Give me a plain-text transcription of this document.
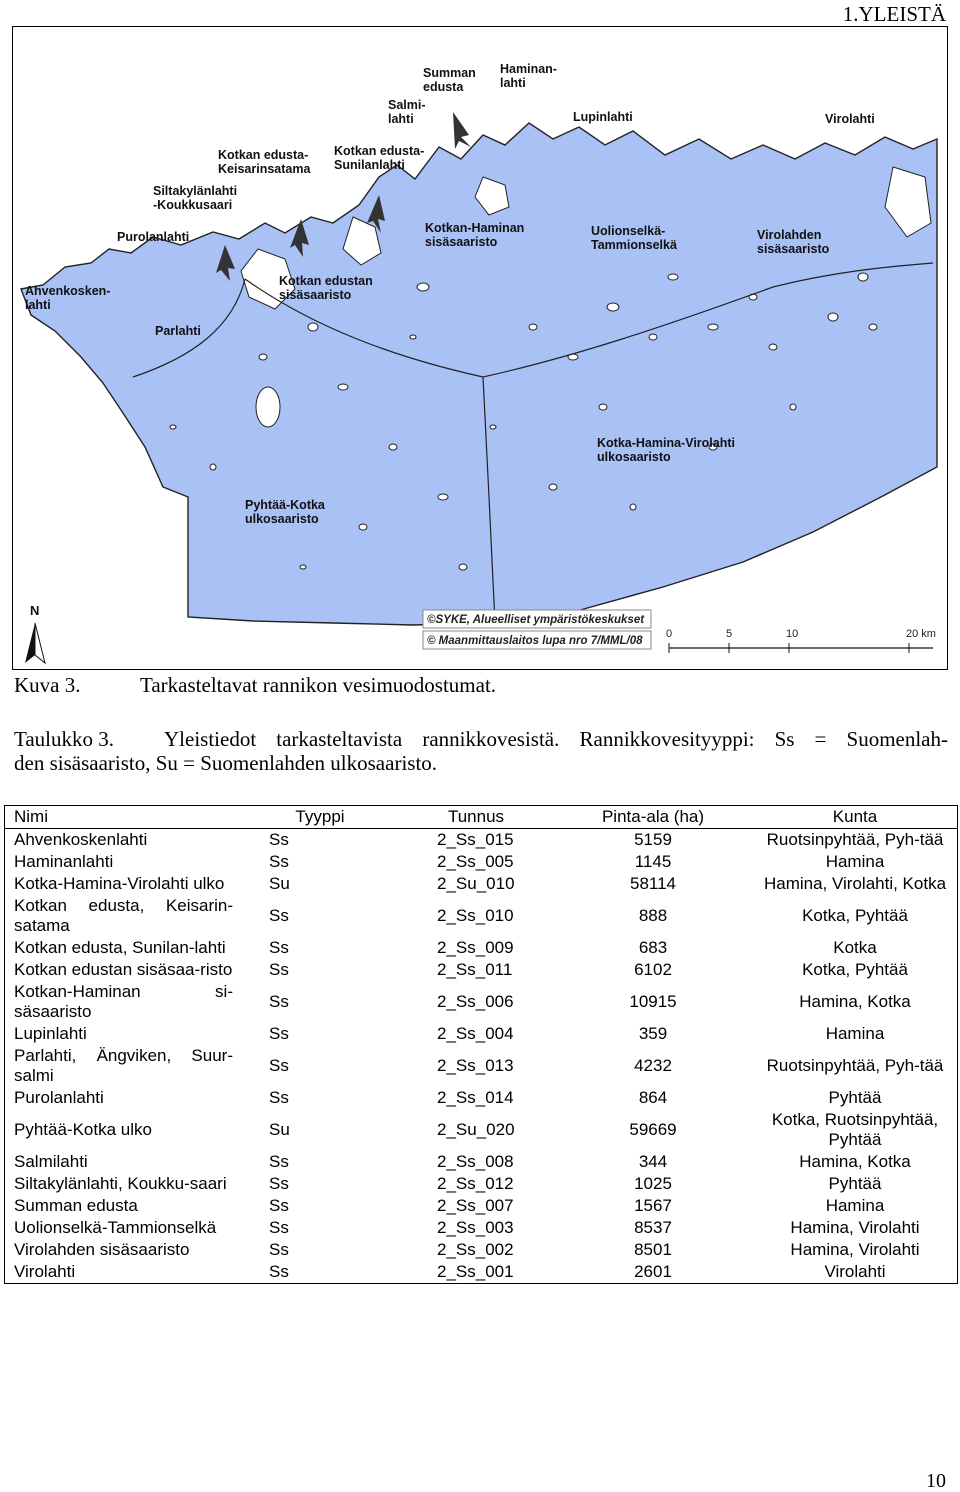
1.YLEISTÄ
Summan edusta
Haminan-lahti
Salmi-lahti	Lupinlahti	Virolahti
Kotkan edusta-Keisarinsatama
Kotkan edusta-Sunilanlahti
Siltakylänlahti -Koukkusaari
Purolanlahti
Kotkan-Haminan sisäsaaristo
Uolionselkä-Tammionselkä
Virolahden sisäsaaristo
Kotkan edustan sisäsaaristo
Ahvenkosken-lahti
Parlahti
Kotka-Hamina-Virolahti ulkosaaristo
Pyhtää-Kotka ulkosaaristo
©SYKE, Alueelliset ympäristökeskukset
© Maanmittauslaitos lupa nro 7/MML/08
N
0	5	10	20 km
Kuva 3.	Tarkasteltavat rannikon vesimuodostumat.
Taulukko 3.	Yleistiedot tarkasteltavista rannikkovesistä. Rannikkovesityyppi: Ss = Suomenlah-
den sisäsaaristo, Su = Suomenlahden ulkosaaristo.
Nimi	Tyyppi	Tunnus	Pinta-ala (ha)	Kunta
Ahvenkoskenlahti	Ss	2_Ss_015	5159	Ruotsinpyhtää, Pyh-tää
Haminanlahti	Ss	2_Ss_005	1145	Hamina
Kotka-Hamina-Virolahti ulko	Su	2_Su_010	58114	Hamina, Virolahti, Kotka
Kotkan edusta, Keisarin-satama	Ss	2_Ss_010	888	Kotka, Pyhtää
Kotkan edusta, Sunilan-lahti	Ss	2_Ss_009	683	Kotka
Kotkan edustan sisäsaa-risto	Ss	2_Ss_011	6102	Kotka, Pyhtää
Kotkan-Haminan si-säsaaristo	Ss	2_Ss_006	10915	Hamina, Kotka
Lupinlahti	Ss	2_Ss_004	359	Hamina
Parlahti, Ängviken, Suur-salmi	Ss	2_Ss_013	4232	Ruotsinpyhtää, Pyh-tää
Purolanlahti	Ss	2_Ss_014	864	Pyhtää
Pyhtää-Kotka ulko	Su	2_Su_020	59669	Kotka, Ruotsinpyhtää, Pyhtää
Salmilahti	Ss	2_Ss_008	344	Hamina, Kotka
Siltakylänlahti, Koukku-saari	Ss	2_Ss_012	1025	Pyhtää
Summan edusta	Ss	2_Ss_007	1567	Hamina
Uolionselkä-Tammionselkä	Ss	2_Ss_003	8537	Hamina, Virolahti
Virolahden sisäsaaristo	Ss	2_Ss_002	8501	Hamina, Virolahti
Virolahti	Ss	2_Ss_001	2601	Virolahti
10
